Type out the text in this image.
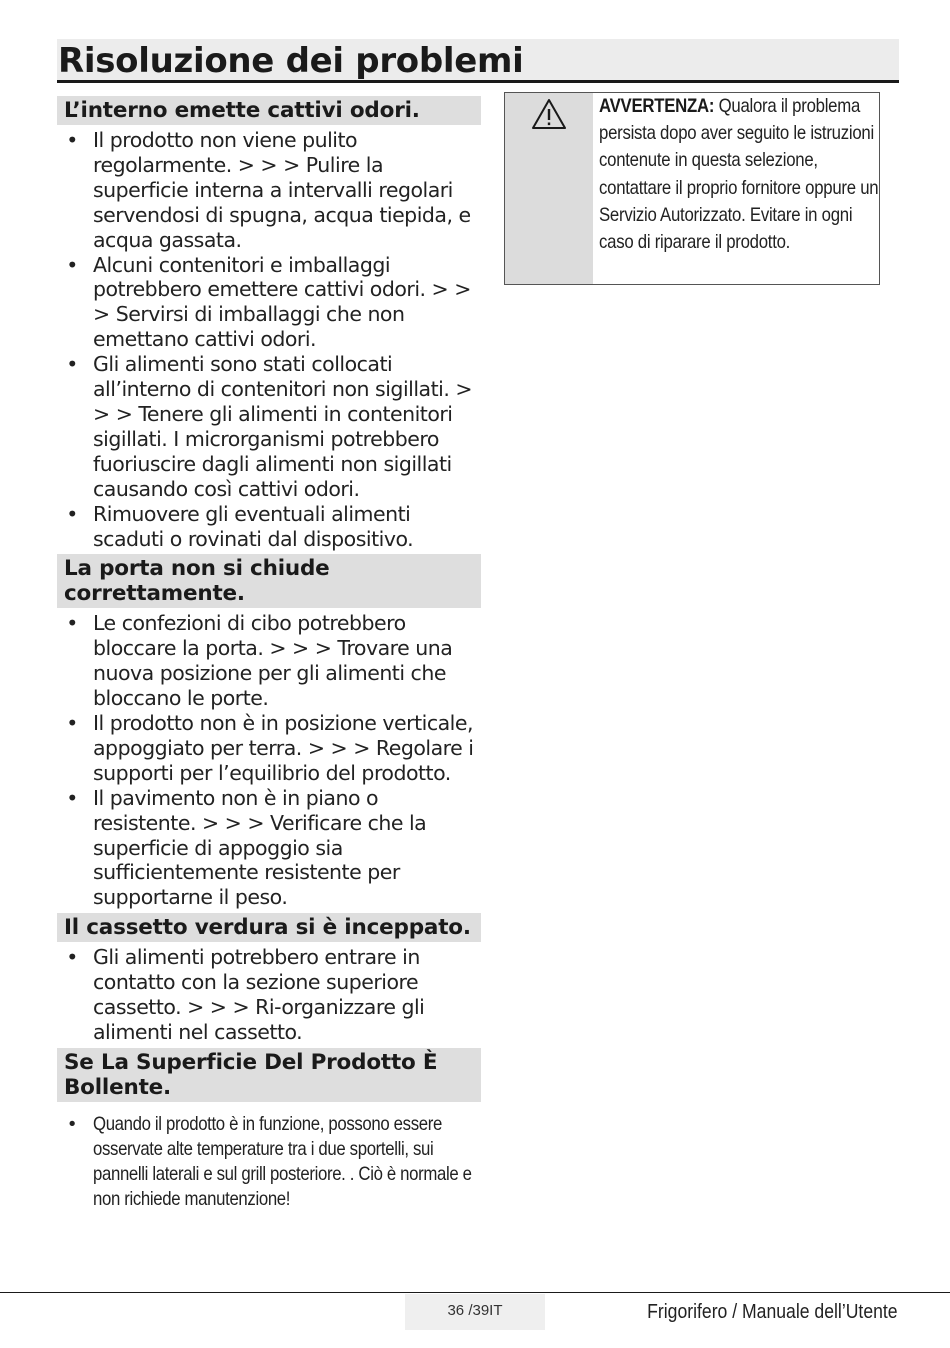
Risoluzione dei problemi
L’interno emette cattivi odori.
• Il prodotto non viene pulito regolarmente. > > > Pulire la superficie interna a intervalli regolari servendosi di spugna, acqua tiepida, e acqua gassata.
• Alcuni contenitori e imballaggi potrebbero emettere cattivi odori. > > > Servirsi di imballaggi che non emettano cattivi odori.
• Gli alimenti sono stati collocati all’interno di contenitori non sigillati. > > > Tenere gli alimenti in contenitori sigillati. I microrganismi potrebbero fuoriuscire dagli alimenti non sigillati causando così cattivi odori.
• Rimuovere gli eventuali alimenti scaduti o rovinati dal dispositivo.
La porta non si chiude correttamente.
• Le confezioni di cibo potrebbero bloccare la porta. > > > Trovare una nuova posizione per gli alimenti che bloccano le porte.
• Il prodotto non è in posizione verticale, appoggiato per terra. > > > Regolare i supporti per l’equilibrio del prodotto.
• Il pavimento non è in piano o resistente. > > > Verificare che la superficie di appoggio sia sufficientemente resistente per supportarne il peso.
Il cassetto verdura si è inceppato.
• Gli alimenti potrebbero entrare in contatto con la sezione superiore cassetto. > > > Ri-organizzare gli alimenti nel cassetto.
Se La Superficie Del Prodotto È Bollente.
• Quando il prodotto è in funzione, possono essere osservate alte temperature tra i due sportelli, sui pannelli laterali e sul grill posteriore. . Ciò è normale e non richiede manutenzione!
AVVERTENZA: Qualora il problema persista dopo aver seguito le istruzioni contenute in questa selezione, contattare il proprio fornitore oppure un Servizio Autorizzato. Evitare in ogni caso di riparare il prodotto.
36 /39IT	Frigorifero / Manuale dell’Utente
